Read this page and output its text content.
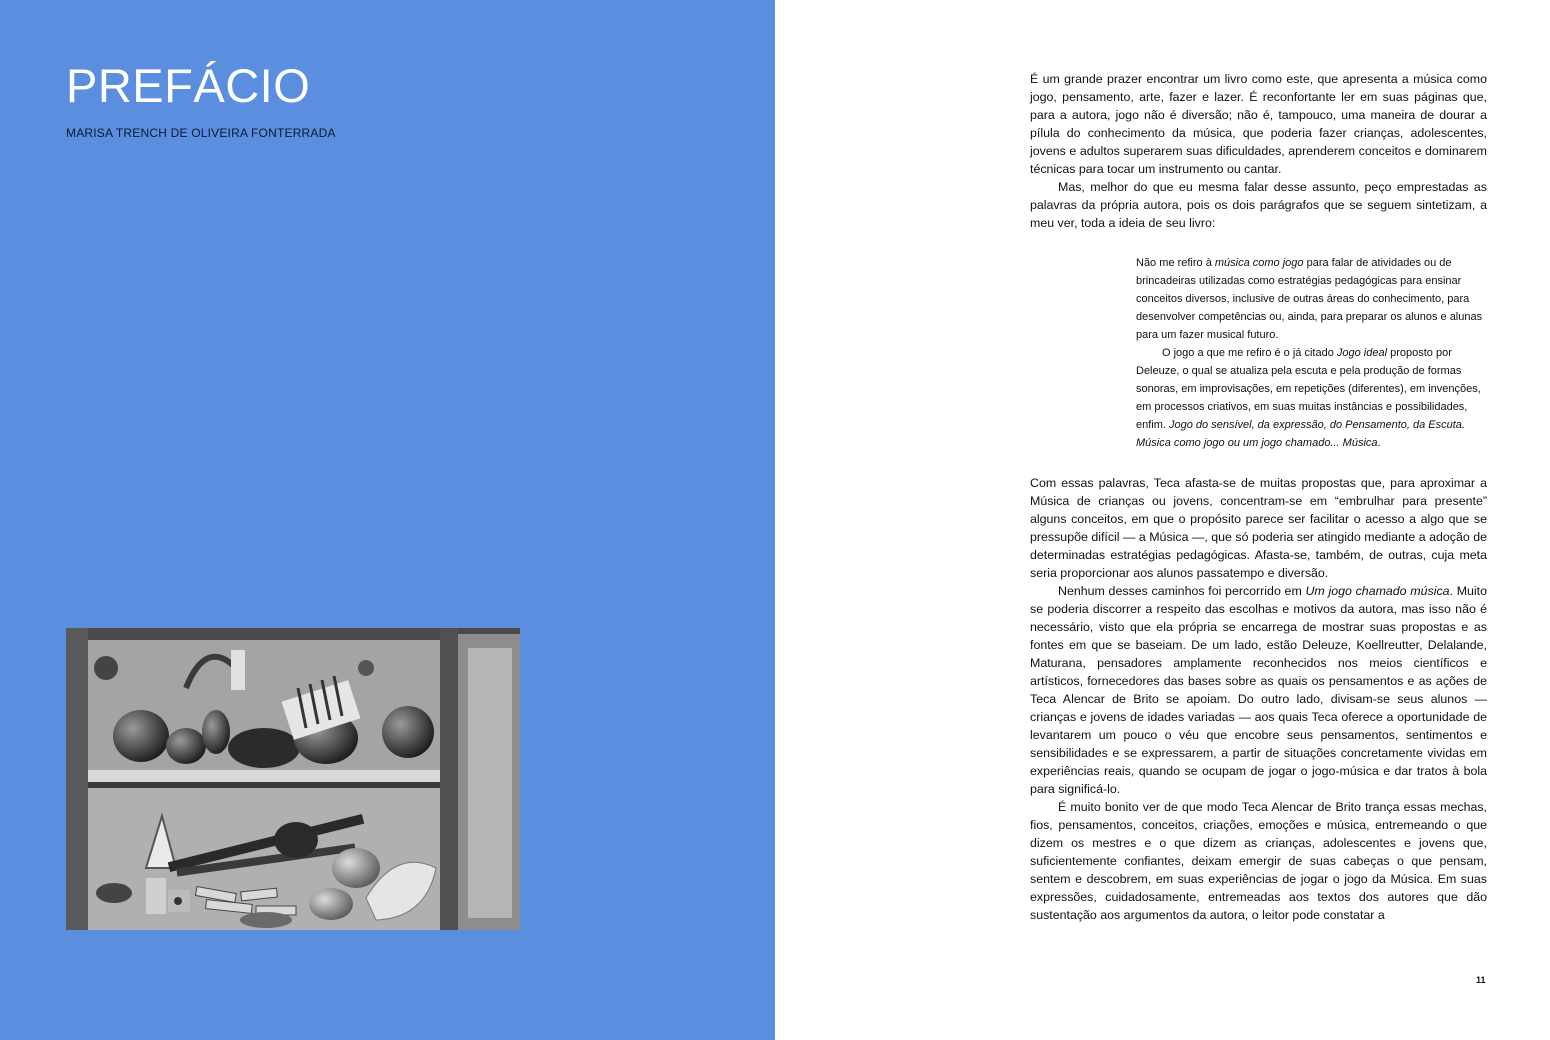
PREFÁCIO
MARISA TRENCH DE OLIVEIRA FONTERRADA

É um grande prazer encontrar um livro como este, que apresenta a música como jogo, pensamento, arte, fazer e lazer. É reconfortante ler em suas páginas que, para a autora, jogo não é diversão; não é, tampouco, uma maneira de dourar a pílula do conhecimento da música, que poderia fazer crianças, adolescentes, jovens e adultos superarem suas dificuldades, aprenderem conceitos e dominarem técnicas para tocar um instrumento ou cantar.

Mas, melhor do que eu mesma falar desse assunto, peço emprestadas as palavras da própria autora, pois os dois parágrafos que se seguem sintetizam, a meu ver, toda a ideia de seu livro:

Não me refiro à música como jogo para falar de atividades ou de brincadeiras utilizadas como estratégias pedagógicas para ensinar conceitos diversos, inclusive de outras áreas do conhecimento, para desenvolver competências ou, ainda, para preparar os alunos e alunas para um fazer musical futuro.

O jogo a que me refiro é o já citado Jogo ideal proposto por Deleuze, o qual se atualiza pela escuta e pela produção de formas sonoras, em improvisações, em repetições (diferentes), em invenções, em processos criativos, em suas muitas instâncias e possibilidades, enfim. Jogo do sensível, da expressão, do Pensamento, da Escuta. Música como jogo ou um jogo chamado... Música.

Com essas palavras, Teca afasta-se de muitas propostas que, para aproximar a Música de crianças ou jovens, concentram-se em “embrulhar para presente” alguns conceitos, em que o propósito parece ser facilitar o acesso a algo que se pressupõe difícil — a Música —, que só poderia ser atingido mediante a adoção de determinadas estratégias pedagógicas. Afasta-se, também, de outras, cuja meta seria proporcionar aos alunos passatempo e diversão.

Nenhum desses caminhos foi percorrido em Um jogo chamado música. Muito se poderia discorrer a respeito das escolhas e motivos da autora, mas isso não é necessário, visto que ela própria se encarrega de mostrar suas propostas e as fontes em que se baseiam. De um lado, estão Deleuze, Koellreutter, Delalande, Maturana, pensadores amplamente reconhecidos nos meios científicos e artísticos, fornecedores das bases sobre as quais os pensamentos e as ações de Teca Alencar de Brito se apoiam. Do outro lado, divisam-se seus alunos — crianças e jovens de idades variadas — aos quais Teca oferece a oportunidade de levantarem um pouco o véu que encobre seus pensamentos, sentimentos e sensibilidades e se expressarem, a partir de situações concretamente vividas em experiências reais, quando se ocupam de jogar o jogo-música e dar tratos à bola para significá-lo.

É muito bonito ver de que modo Teca Alencar de Brito trança essas mechas, fios, pensamentos, conceitos, criações, emoções e música, entremeando o que dizem os mestres e o que dizem as crianças, adolescentes e jovens que, suficientemente confiantes, deixam emergir de suas cabeças o que pensam, sentem e descobrem, em suas experiências de jogar o jogo da Música. Em suas expressões, cuidadosamente, entremeadas aos textos dos autores que dão sustentação aos argumentos da autora, o leitor pode constatar a

11
